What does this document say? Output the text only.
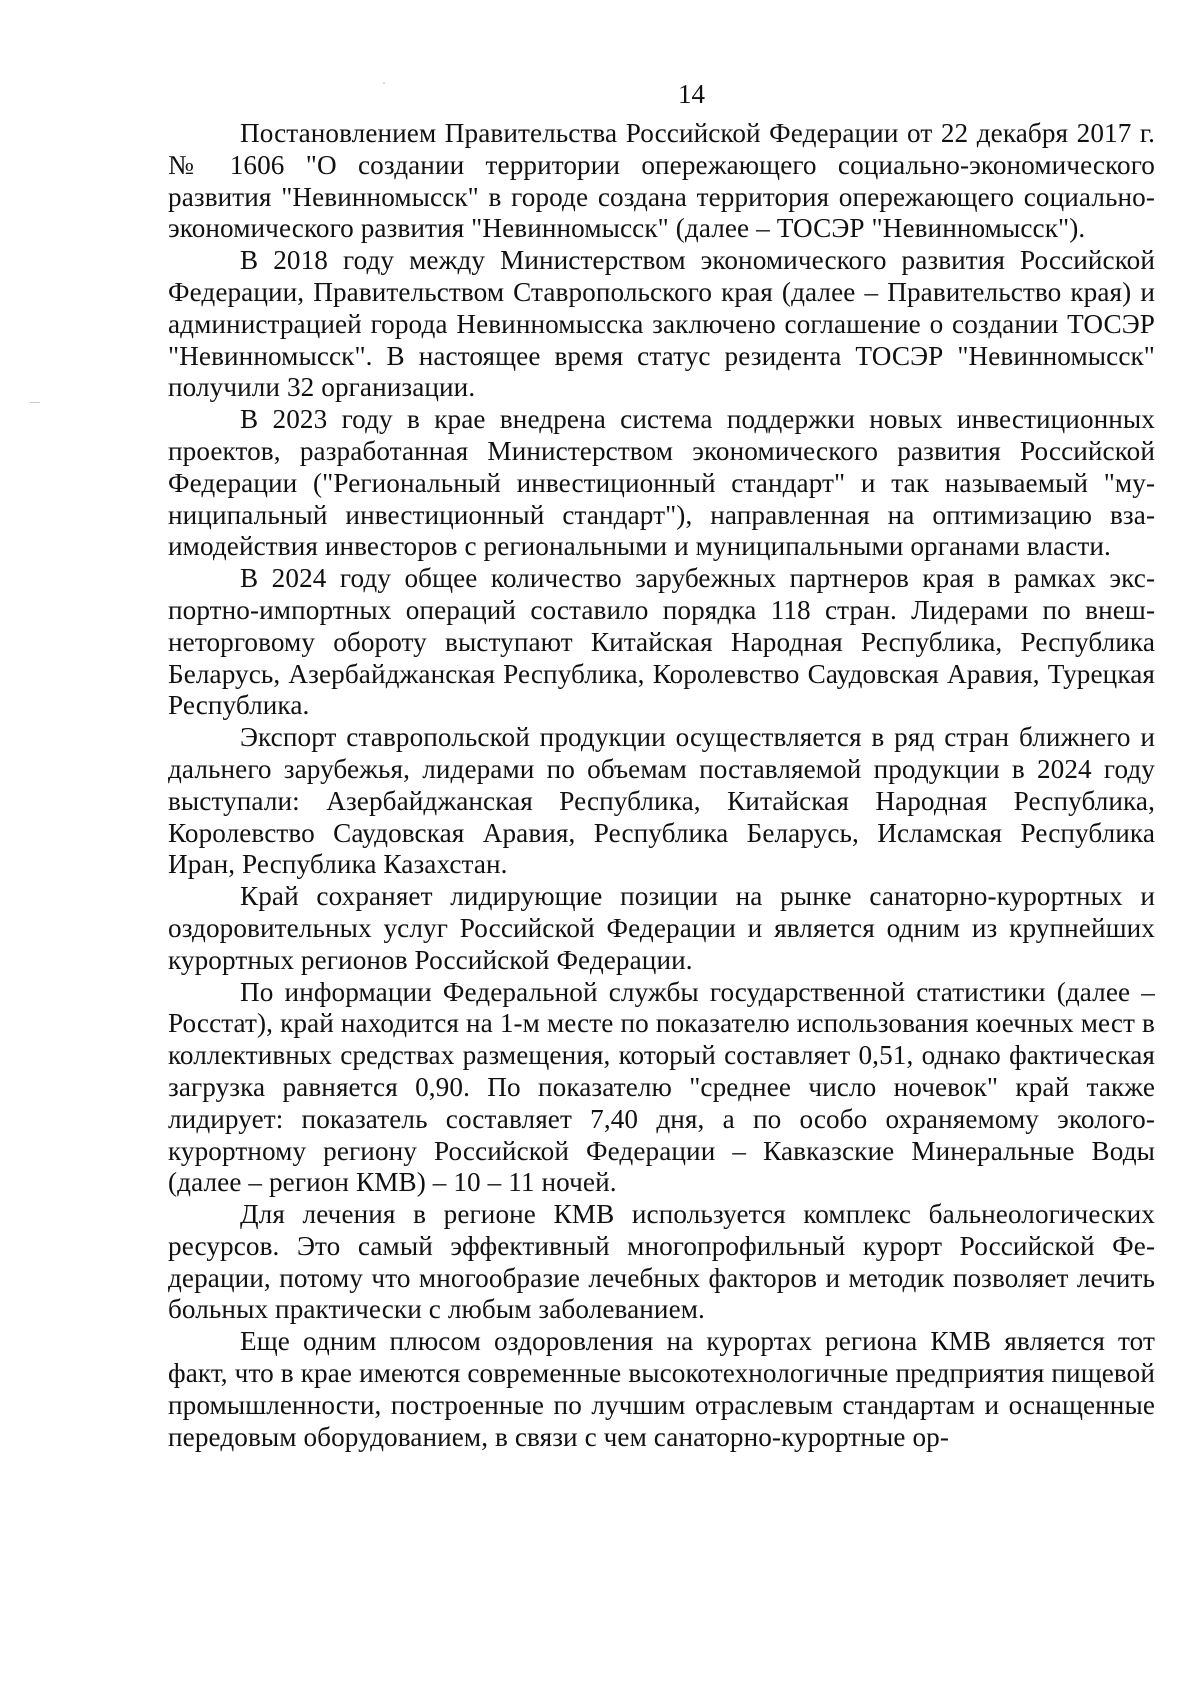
14

Постановлением Правительства Российской Федерации от 22 декабря 2017 г. № 1606 "О создании территории опережающего социально-экономического развития "Невинномысск" в городе создана территория опережающего социально-экономического развития "Невинномысск" (далее – ТОСЭР "Невинномысск").

В 2018 году между Министерством экономического развития Российской Федерации, Правительством Ставропольского края (далее – Правительство края) и администрацией города Невинномысска заключено соглашение о создании ТОСЭР "Невинномысск". В настоящее время статус резидента ТОСЭР "Невинномысск" получили 32 организации.

В 2023 году в крае внедрена система поддержки новых инвестиционных проектов, разработанная Министерством экономического развития Российской Федерации ("Региональный инвестиционный стандарт" и так называемый "муниципальный инвестиционный стандарт"), направленная на оптимизацию взаимодействия инвесторов с региональными и муниципальными органами власти.

В 2024 году общее количество зарубежных партнеров края в рамках экспортно-импортных операций составило порядка 118 стран. Лидерами по внешнеторговому обороту выступают Китайская Народная Республика, Республика Беларусь, Азербайджанская Республика, Королевство Саудовская Аравия, Турецкая Республика.

Экспорт ставропольской продукции осуществляется в ряд стран ближнего и дальнего зарубежья, лидерами по объемам поставляемой продукции в 2024 году выступали: Азербайджанская Республика, Китайская Народная Республика, Королевство Саудовская Аравия, Республика Беларусь, Исламская Республика Иран, Республика Казахстан.

Край сохраняет лидирующие позиции на рынке санаторно-курортных и оздоровительных услуг Российской Федерации и является одним из крупнейших курортных регионов Российской Федерации.

По информации Федеральной службы государственной статистики (далее – Росстат), край находится на 1-м месте по показателю использования коечных мест в коллективных средствах размещения, который составляет 0,51, однако фактическая загрузка равняется 0,90. По показателю "среднее число ночевок" край также лидирует: показатель составляет 7,40 дня, а по особо охраняемому эколого-курортному региону Российской Федерации – Кавказские Минеральные Воды (далее – регион КМВ) – 10 – 11 ночей.

Для лечения в регионе КМВ используется комплекс бальнеологических ресурсов. Это самый эффективный многопрофильный курорт Российской Федерации, потому что многообразие лечебных факторов и методик позволяет лечить больных практически с любым заболеванием.

Еще одним плюсом оздоровления на курортах региона КМВ является тот факт, что в крае имеются современные высокотехнологичные предприятия пищевой промышленности, построенные по лучшим отраслевым стандартам и оснащенные передовым оборудованием, в связи с чем санаторно-курортные ор-
